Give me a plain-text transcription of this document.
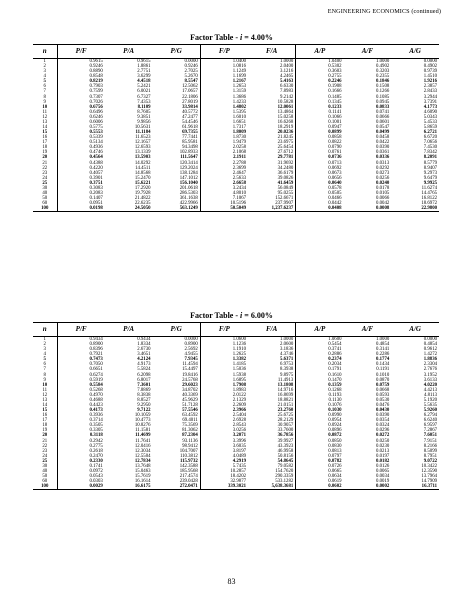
ENGINEERING ECONOMICS (continued)
Factor Table - i = 4.00%
n	P/F	P/A	P/G	F/P	F/A	A/P	A/F	A/G
1	0.9615	0.9615	0.0000	1.0400	1.0000	1.0400	1.0000	0.0000
2	0.9246	1.8861	0.9246	1.0816	2.0400	0.5302	0.4902	0.4902
3	0.8890	2.7751	2.7025	1.1249	3.1216	0.3603	0.3203	0.9739
4	0.8548	3.6299	5.2670	1.1699	4.2465	0.2755	0.2355	1.4510
5	0.8219	4.4518	8.5547	1.2167	5.4163	0.2246	0.1846	1.9216
6	0.7903	5.2421	12.5062	1.2653	6.6330	0.1908	0.1508	2.3857
7	0.7599	6.0021	17.0657	1.3159	7.8983	0.1666	0.1266	2.8433
8	0.7307	6.7327	22.1806	1.3686	9.2142	0.1485	0.1085	3.2944
9	0.7026	7.4353	27.8019	1.4233	10.5828	0.1345	0.0945	3.7391
10	0.6756	8.1109	33.9814	1.4802	12.0061	0.1233	0.0833	4.1773
11	0.6496	8.7605	40.5772	1.5395	13.4864	0.1141	0.0741	4.6090
12	0.6246	9.3851	47.2477	1.6010	15.0258	0.1066	0.0666	5.0343
13	0.6006	9.9856	54.4546	1.6651	16.6268	0.1001	0.0601	5.4533
14	0.5775	10.5631	61.9618	1.7317	18.2919	0.0947	0.0547	5.8659
15	0.5553	11.1184	69.7355	1.8009	20.0236	0.0899	0.0499	6.2721
16	0.5339	11.6523	77.7441	1.8730	21.8245	0.0858	0.0458	6.6720
17	0.5134	12.1657	85.9581	1.9479	23.6975	0.0822	0.0422	7.0656
18	0.4936	12.6593	94.3498	2.0258	25.6454	0.0790	0.0390	7.4530
19	0.4746	13.1339	102.8933	2.1068	27.6712	0.0761	0.0361	7.8342
20	0.4564	13.5903	111.5647	2.1911	29.7781	0.0736	0.0336	8.2091
21	0.4388	14.0292	120.3414	2.2788	31.9692	0.0713	0.0313	8.5779
22	0.4220	14.4511	129.2024	2.3699	34.2480	0.0692	0.0292	8.9407
23	0.4057	14.8568	138.1284	2.4647	36.6179	0.0673	0.0273	9.2973
24	0.3901	15.2470	147.1012	2.5633	39.0826	0.0656	0.0256	9.6479
25	0.3751	15.6221	156.1040	2.6658	41.6459	0.0640	0.0240	9.9925
30	0.3083	17.2920	201.0618	3.2434	56.0849	0.0578	0.0178	11.6274
40	0.2083	19.7928	286.5303	4.8010	95.0255	0.0505	0.0105	14.4765
50	0.1407	21.4822	361.1638	7.1067	152.6671	0.0466	0.0066	16.8122
60	0.0951	22.6235	422.9966	10.5196	237.9907	0.0442	0.0042	18.6972
100	0.0198	24.5050	563.1249	50.5049	1,237.6237	0.0408	0.0008	22.9800
Factor Table - i = 6.00%
n	P/F	P/A	P/G	F/P	F/A	A/P	A/F	A/G
1	0.9434	0.9434	0.0000	1.0600	1.0000	1.0600	1.0000	0.0000
2	0.8900	1.8334	0.8900	1.1236	2.0600	0.5454	0.4854	0.4854
3	0.8396	2.6730	2.5692	1.1910	3.1836	0.3741	0.3141	0.9612
4	0.7921	3.4651	4.9455	1.2625	4.3746	0.2886	0.2286	1.4272
5	0.7473	4.2124	7.9345	1.3382	5.6371	0.2374	0.1774	1.8836
6	0.7050	4.9173	11.4594	1.4185	6.9753	0.2034	0.1434	2.3304
7	0.6651	5.5824	15.4497	1.5036	8.3938	0.1791	0.1191	2.7676
8	0.6274	6.2098	19.8416	1.5938	9.8975	0.1610	0.1010	3.1952
9	0.5919	6.8017	24.5768	1.6895	11.4913	0.1470	0.0870	3.6133
10	0.5584	7.3601	29.6023	1.7908	13.1808	0.1359	0.0759	4.0220
11	0.5268	7.8869	34.8702	1.8983	14.9716	0.1268	0.0668	4.4213
12	0.4970	8.3838	40.3369	2.0122	16.8699	0.1193	0.0593	4.8113
13	0.4688	8.8527	45.9629	2.1329	18.8821	0.1130	0.0530	5.1920
14	0.4423	9.2950	51.7128	2.2609	21.0151	0.1076	0.0476	5.5635
15	0.4173	9.7122	57.5546	2.3966	23.2760	0.1030	0.0430	5.9260
16	0.3936	10.1059	63.4592	2.5404	25.6725	0.0990	0.0390	6.2794
17	0.3714	10.4773	69.4011	2.6928	28.2129	0.0954	0.0354	6.6240
18	0.3505	10.8276	75.3569	2.8543	30.9057	0.0924	0.0324	6.9597
19	0.3305	11.1581	81.3062	3.0256	33.7600	0.0896	0.0296	7.2867
20	0.3118	11.4699	87.2304	3.2071	36.7856	0.0872	0.0272	7.6051
21	0.2942	11.7641	93.1136	3.3996	39.9927	0.0850	0.0250	7.9151
22	0.2775	12.0416	98.9412	3.6035	43.3923	0.0830	0.0230	8.2166
23	0.2618	12.3034	104.7007	3.8197	46.9958	0.0813	0.0213	8.5099
24	0.2470	12.5504	110.3812	4.0489	50.8156	0.0797	0.0197	8.7951
25	0.2330	12.7834	115.9732	4.2919	54.8645	0.0782	0.0182	9.0722
30	0.1741	13.7648	142.3588	5.7435	79.0582	0.0726	0.0126	10.3422
40	0.0972	15.0463	185.9568	10.2857	154.7620	0.0665	0.0065	12.3590
50	0.0543	15.7619	217.4574	18.4202	290.3359	0.0634	0.0034	13.7964
60	0.0303	16.1614	239.0428	32.9877	533.1282	0.0619	0.0019	14.7909
100	0.0029	16.6175	272.0471	339.3021	5,638.3681	0.0602	0.0002	16.3711
83
